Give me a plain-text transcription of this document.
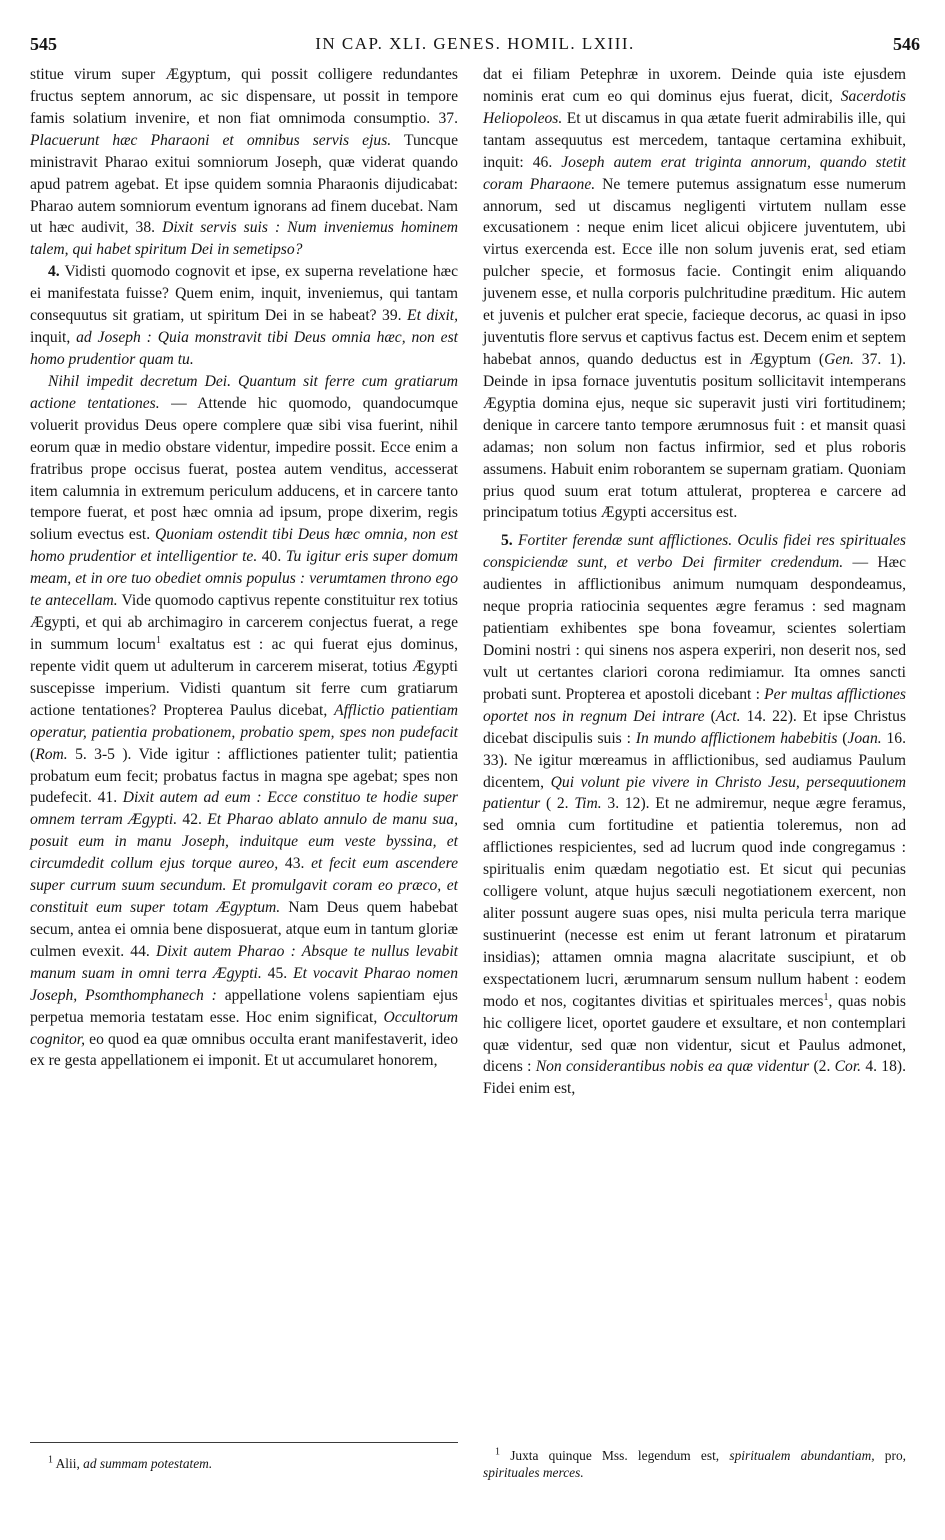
545	IN CAP. XLI. GENES. HOMIL. LXIII.	546

stitue virum super Ægyptum, qui possit colligere redundantes fructus septem annorum, ac sic dispensare, ut possit in tempore famis solatium invenire, et non fiat omnimoda consumptio. 37. Placuerunt hæc Pharaoni et omnibus servis ejus. Tuncque ministravit Pharao exitui somniorum Joseph, quæ viderat quando apud patrem agebat. Et ipse quidem somnia Pharaonis dijudicabat: Pharao autem somniorum eventum ignorans ad finem ducebat. Nam ut hæc audivit, 38. Dixit servis suis : Num inveniemus hominem talem, qui habet spiritum Dei in semetipso?

4. Vidisti quomodo cognovit et ipse, ex superna revelatione hæc ei manifestata fuisse? Quem enim, inquit, inveniemus, qui tantam consequutus sit gratiam, ut spiritum Dei in se habeat? 39. Et dixit, inquit, ad Joseph : Quia monstravit tibi Deus omnia hæc, non est homo prudentior quam tu.

Nihil impedit decretum Dei. Quantum sit ferre cum gratiarum actione tentationes. — Attende hic quomodo, quandocumque voluerit providus Deus opere complere quæ sibi visa fuerint, nihil eorum quæ in medio obstare videntur, impedire possit. Ecce enim a fratribus prope occisus fuerat, postea autem venditus, accesserat item calumnia in extremum periculum adducens, et in carcere tanto tempore fuerat, et post hæc omnia ad ipsum, prope dixerim, regis solium evectus est. Quoniam ostendit tibi Deus hæc omnia, non est homo prudentior et intelligentior te. 40. Tu igitur eris super domum meam, et in ore tuo obediet omnis populus : verumtamen throno ego te antecellam. Vide quomodo captivus repente constituitur rex totius Ægypti, et qui ab archimagiro in carcerem conjectus fuerat, a rege in summum locum$^1$ exaltatus est : ac qui fuerat ejus dominus, repente vidit quem ut adulterum in carcerem miserat, totius Ægypti suscepisse imperium. Vidisti quantum sit ferre cum gratiarum actione tentationes? Propterea Paulus dicebat, Afflictio patientiam operatur, patientia probationem, probatio spem, spes non pudefacit (Rom. 5. 3-5 ). Vide igitur : afflictiones patienter tulit; patientia probatum eum fecit; probatus factus in magna spe agebat; spes non pudefecit. 41. Dixit autem ad eum : Ecce constituo te hodie super omnem terram Ægypti. 42. Et Pharao ablato annulo de manu sua, posuit eum in manu Joseph, induitque eum veste byssina, et circumdedit collum ejus torque aureo, 43. et fecit eum ascendere super currum suum secundum. Et promulgavit coram eo præco, et constituit eum super totam Ægyptum. Nam Deus quem habebat secum, antea ei omnia bene disposuerat, atque eum in tantum gloriæ culmen evexit. 44. Dixit autem Pharao : Absque te nullus levabit manum suam in omni terra Ægypti. 45. Et vocavit Pharao nomen Joseph, Psomthomphanech : appellatione volens sapientiam ejus perpetua memoria testatam esse. Hoc enim significat, Occultorum cognitor, eo quod ea quæ omnibus occulta erant manifestaverit, ideo ex re gesta appellationem ei imponit. Et ut accumularet honorem,

dat ei filiam Petephræ in uxorem. Deinde quia iste ejusdem nominis erat cum eo qui dominus ejus fuerat, dicit, Sacerdotis Heliopoleos. Et ut discamus in qua ætate fuerit admirabilis ille, qui tantam assequutus est mercedem, tantaque certamina exhibuit, inquit: 46. Joseph autem erat triginta annorum, quando stetit coram Pharaone. Ne temere putemus assignatum esse numerum annorum, sed ut discamus negligenti virtutem nullam esse excusationem : neque enim licet alicui objicere juventutem, ubi virtus exercenda est. Ecce ille non solum juvenis erat, sed etiam pulcher specie, et formosus facie. Contingit enim aliquando juvenem esse, et nulla corporis pulchritudine præditum. Hic autem et juvenis et pulcher erat specie, facieque decorus, ac quasi in ipso juventutis flore servus et captivus factus est. Decem enim et septem habebat annos, quando deductus est in Ægyptum (Gen. 37. 1). Deinde in ipsa fornace juventutis positum sollicitavit intemperans Ægyptia domina ejus, neque sic superavit justi viri fortitudinem; denique in carcere tanto tempore ærumnosus fuit : et mansit quasi adamas; non solum non factus infirmior, sed et plus roboris assumens. Habuit enim roborantem se supernam gratiam. Quoniam prius quod suum erat totum attulerat, propterea e carcere ad principatum totius Ægypti accersitus est.

5. Fortiter ferendæ sunt afflictiones. Oculis fidei res spirituales conspiciendæ sunt, et verbo Dei firmiter credendum. — Hæc audientes in afflictionibus animum numquam despondeamus, neque propria ratiocinia sequentes ægre feramus : sed magnam patientiam exhibentes spe bona foveamur, scientes solertiam Domini nostri : qui sinens nos aspera experiri, non deserit nos, sed vult ut certantes clariori corona redimiamur. Ita omnes sancti probati sunt. Propterea et apostoli dicebant : Per multas afflictiones oportet nos in regnum Dei intrare (Act. 14. 22). Et ipse Christus dicebat discipulis suis : In mundo afflictionem habebitis (Joan. 16. 33). Ne igitur mœreamus in afflictionibus, sed audiamus Paulum dicentem, Qui volunt pie vivere in Christo Jesu, persequutionem patientur ( 2. Tim. 3. 12). Et ne admiremur, neque ægre feramus, sed omnia cum fortitudine et patientia toleremus, non ad afflictiones respicientes, sed ad lucrum quod inde congregamus : spiritualis enim quædam negotiatio est. Et sicut qui pecunias colligere volunt, atque hujus sæculi negotiationem exercent, non aliter possunt augere suas opes, nisi multa pericula terra marique sustinuerint (necesse est enim ut ferant latronum et piratarum insidias); attamen omnia magna alacritate suscipiunt, et ob exspectationem lucri, ærumnarum sensum nullum habent : eodem modo et nos, cogitantes divitias et spirituales merces$^1$, quas nobis hic colligere licet, oportet gaudere et exsultare, et non contemplari quæ videntur, sed quæ non videntur, sicut et Paulus admonet, dicens : Non considerantibus nobis ea quæ videntur (2. Cor. 4. 18). Fidei enim est,

$^1$ Alii, ad summam potestatem.
$^1$ Juxta quinque Mss. legendum est, spiritualem abundantiam, pro, spirituales merces.
